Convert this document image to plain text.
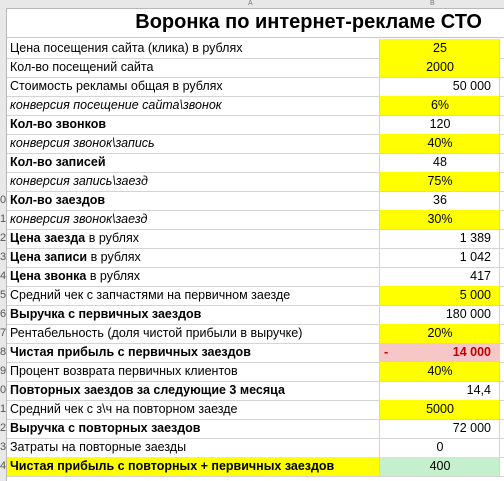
A	B
0
1
2
3
4
5
6
7
8
9
0
1
2
3
4
Воронка по интернет-рекламе СТО
Цена посещения сайта (клика) в рублях	25
Кол-во посещений сайта	2000
Стоимость рекламы общая в рублях	50 000
конверсия посещение сайта\звонок	6%
Кол-во звонков	120
конверсия звонок\запись	40%
Кол-во записей	48
конверсия запись\заезд	75%
Кол-во заездов	36
конверсия звонок\заезд	30%
Цена заезда в рублях	1 389
Цена записи в рублях	1 042
Цена звонка в рублях	417
Средний чек с запчастями на первичном заезде	5 000
Выручка с первичных заездов	180 000
Рентабельность (доля чистой прибыли в выручке)	20%
Чистая прибыль с первичных заездов	-	14 000
Процент возврата первичных клиентов	40%
Повторных заездов за следующие 3 месяца	14,4
Средний чек с з\ч на повторном заезде	5000
Выручка с повторных заездов	72 000
Затраты на повторные заезды	0
Чистая прибыль с повторных + первичных заездов	400
